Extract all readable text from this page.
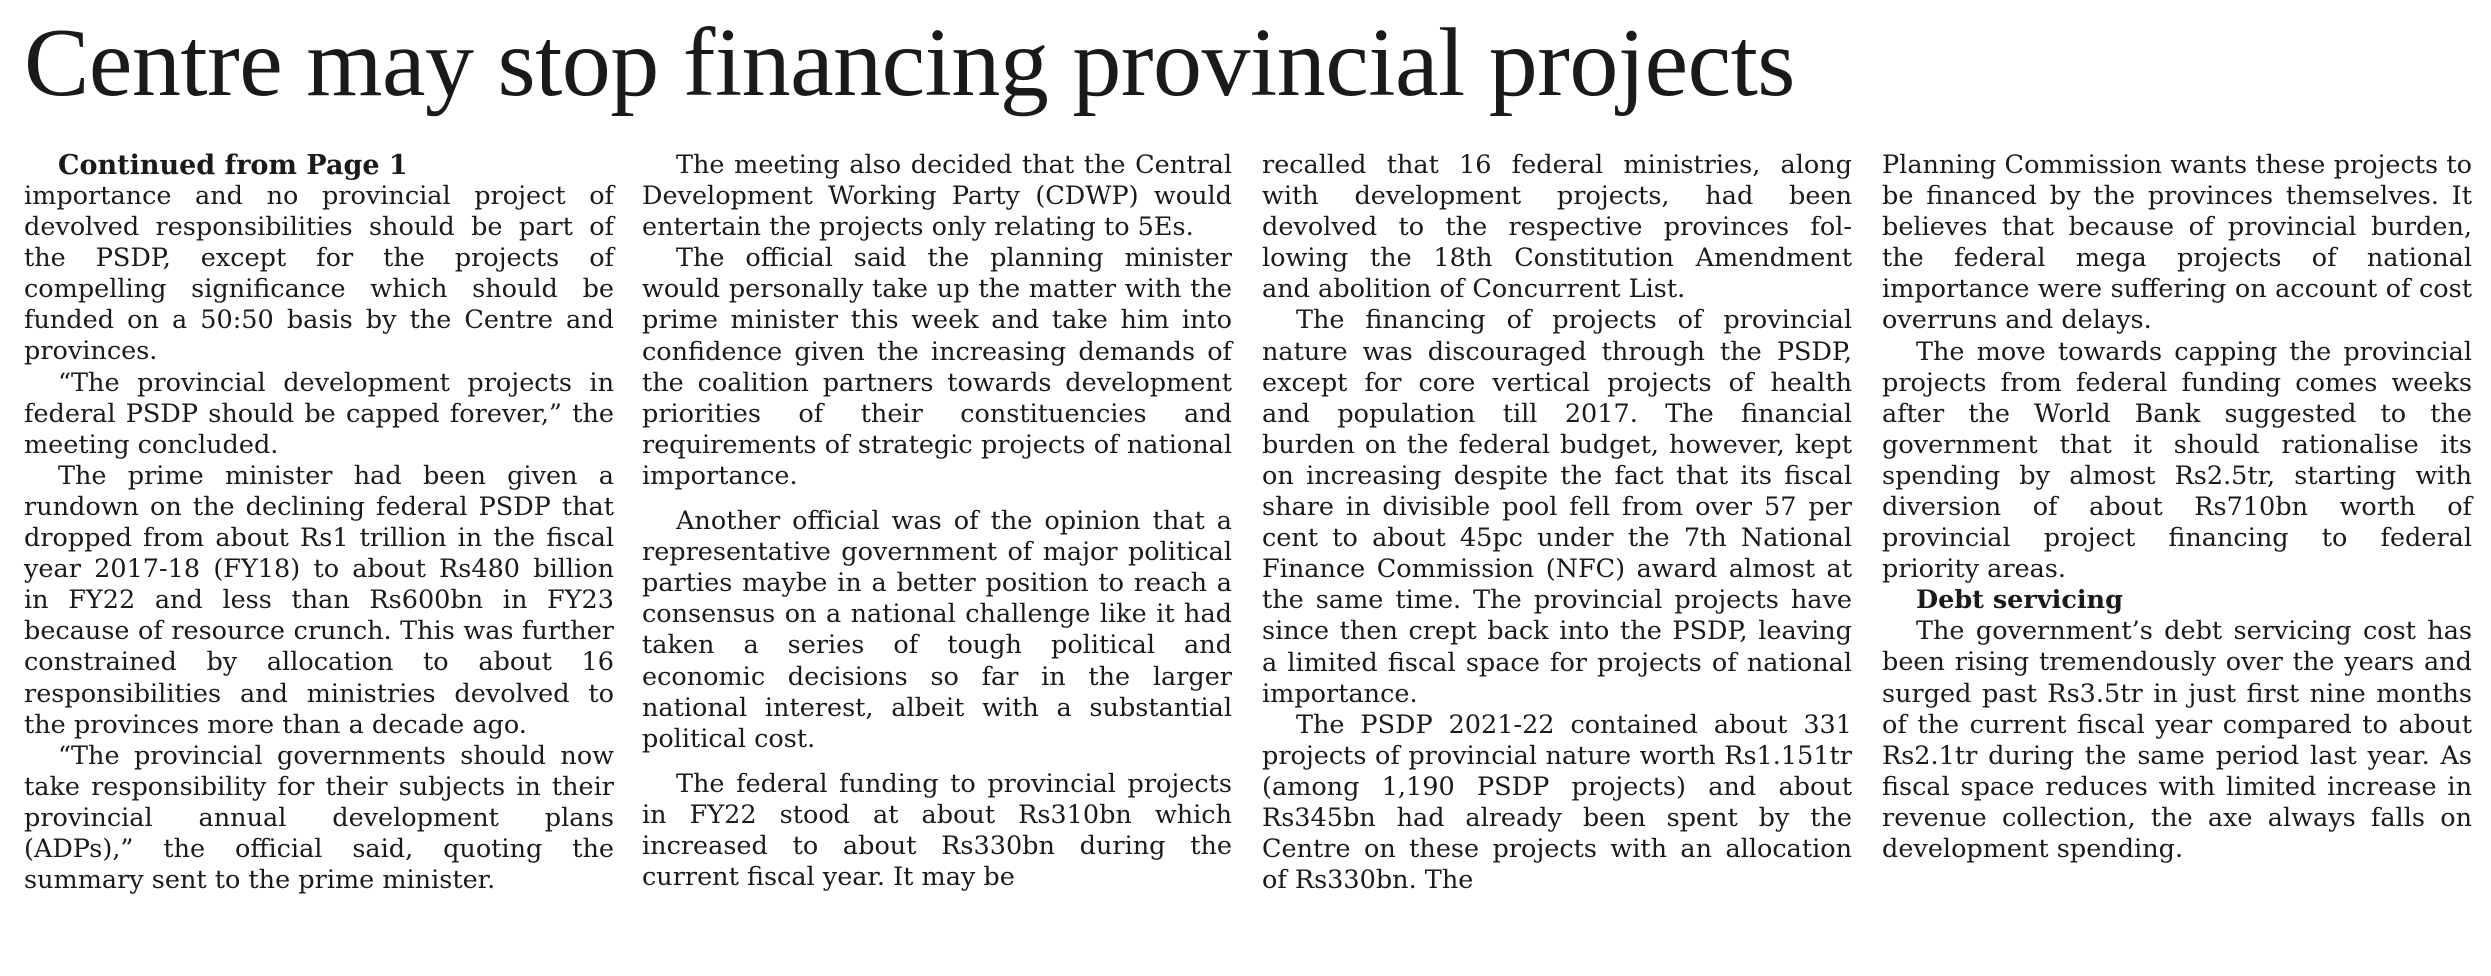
Centre may stop financing provincial projects

Continued from Page 1

importance and no provincial project of devolved responsibilities should be part of the PSDP, except for the projects of compelling significance which should be funded on a 50:50 basis by the Centre and provinces.

“The provincial development projects in federal PSDP should be capped forever,” the meeting concluded.

The prime minister had been given a rundown on the declining federal PSDP that dropped from about Rs1 trillion in the fiscal year 2017-18 (FY18) to about Rs480 billion in FY22 and less than Rs600bn in FY23 because of resource crunch. This was further constrained by allocation to about 16 responsibilities and ministries devolved to the provinces more than a decade ago.

“The provincial governments should now take responsibility for their subjects in their provincial annual development plans (ADPs),” the official said, quoting the summary sent to the prime minister.

The meeting also decided that the Central Development Working Party (CDWP) would entertain the projects only relating to 5Es.

The official said the planning minister would personally take up the matter with the prime minister this week and take him into confidence given the increasing demands of the coalition partners towards development priorities of their constituencies and requirements of strategic projects of national importance.

Another official was of the opinion that a representative government of major political parties maybe in a better position to reach a consensus on a national challenge like it had taken a series of tough political and economic decisions so far in the larger national interest, albeit with a substantial political cost.

The federal funding to provincial projects in FY22 stood at about Rs310bn which increased to about Rs330bn during the current fiscal year. It may be

recalled that 16 federal ministries, along with development projects, had been devolved to the respective provinces following the 18th Constitution Amendment and abolition of Concurrent List.

The financing of projects of provincial nature was discouraged through the PSDP, except for core vertical projects of health and population till 2017. The financial burden on the federal budget, however, kept on increasing despite the fact that its fiscal share in divisible pool fell from over 57 per cent to about 45pc under the 7th National Finance Commission (NFC) award almost at the same time. The provincial projects have since then crept back into the PSDP, leaving a limited fiscal space for projects of national importance.

The PSDP 2021-22 contained about 331 projects of provincial nature worth Rs1.151tr (among 1,190 PSDP projects) and about Rs345bn had already been spent by the Centre on these projects with an allocation of Rs330bn. The

Planning Commission wants these projects to be financed by the provinces themselves. It believes that because of provincial burden, the federal mega projects of national importance were suffering on account of cost overruns and delays.

The move towards capping the provincial projects from federal funding comes weeks after the World Bank suggested to the government that it should rationalise its spending by almost Rs2.5tr, starting with diversion of about Rs710bn worth of provincial project financing to federal priority areas.

Debt servicing

The government’s debt servicing cost has been rising tremendously over the years and surged past Rs3.5tr in just first nine months of the current fiscal year compared to about Rs2.1tr during the same period last year. As fiscal space reduces with limited increase in revenue collection, the axe always falls on development spending.
